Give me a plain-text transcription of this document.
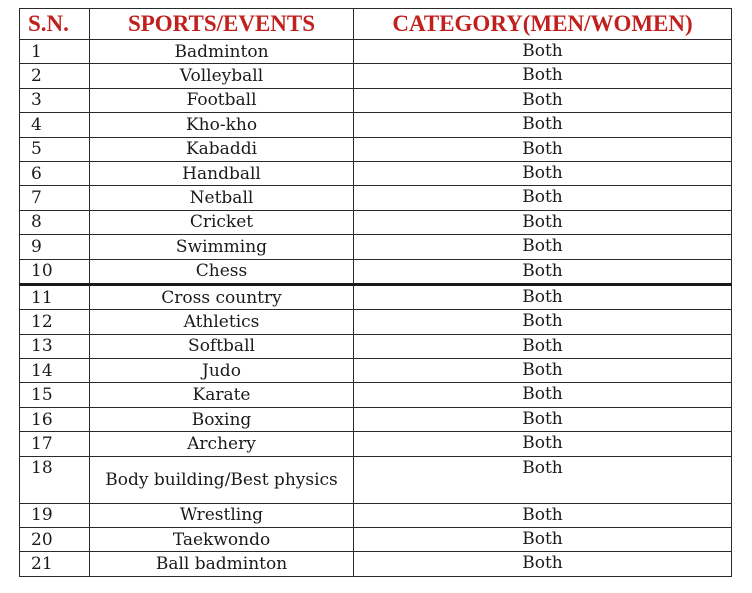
S.N.	SPORTS/EVENTS	CATEGORY(MEN/WOMEN)
1	Badminton	Both
2	Volleyball	Both
3	Football	Both
4	Kho-kho	Both
5	Kabaddi	Both
6	Handball	Both
7	Netball	Both
8	Cricket	Both
9	Swimming	Both
10	Chess	Both
11	Cross country	Both
12	Athletics	Both
13	Softball	Both
14	Judo	Both
15	Karate	Both
16	Boxing	Both
17	Archery	Both
18	Body building/Best physics	Both
19	Wrestling	Both
20	Taekwondo	Both
21	Ball badminton	Both
